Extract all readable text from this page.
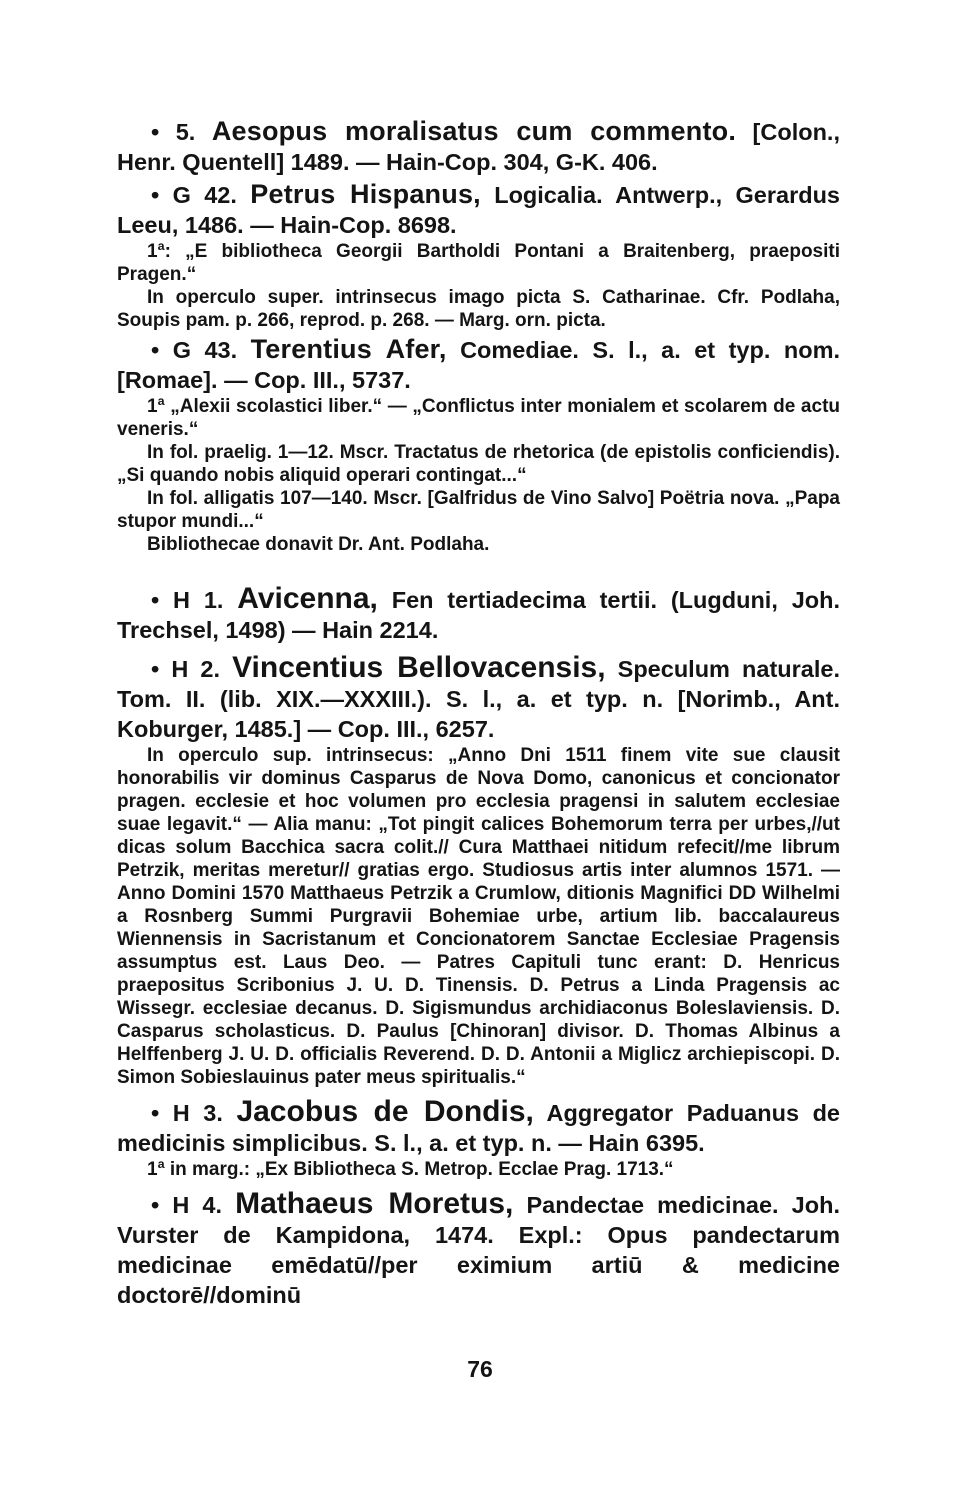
• 5. Aesopus moralisatus cum commento. [Colon., Henr. Quentell] 1489. — Hain-Cop. 304, G-K. 406.

• G 42. Petrus Hispanus, Logicalia. Antwerp., Gerardus Leeu, 1486. — Hain-Cop. 8698.

1ª: „E bibliotheca Georgii Bartholdi Pontani a Braitenberg, praepositi Pragen.“

In operculo super. intrinsecus imago picta S. Catharinae. Cfr. Podlaha, Soupis pam. p. 266, reprod. p. 268. — Marg. orn. picta.

• G 43. Terentius Afer, Comediae. S. l., a. et typ. nom. [Romae]. — Cop. III., 5737.

1ª „Alexii scolastici liber.“ — „Conflictus inter monialem et scolarem de actu veneris.“

In fol. praelig. 1—12. Mscr. Tractatus de rhetorica (de epistolis conficiendis). „Si quando nobis aliquid operari contingat...“

In fol. alligatis 107—140. Mscr. [Galfridus de Vino Salvo] Poëtria nova. „Papa stupor mundi...“

Bibliothecae donavit Dr. Ant. Podlaha.

• H 1. Avicenna, Fen tertiadecima tertii. (Lugduni, Joh. Trechsel, 1498) — Hain 2214.

• H 2. Vincentius Bellovacensis, Speculum naturale. Tom. II. (lib. XIX.—XXXIII.). S. l., a. et typ. n. [Norimb., Ant. Koburger, 1485.] — Cop. III., 6257.

In operculo sup. intrinsecus: „Anno Dni 1511 finem vite sue clausit honorabilis vir dominus Casparus de Nova Domo, canonicus et concionator pragen. ecclesie et hoc volumen pro ecclesia pragensi in salutem ecclesiae suae legavit.“ — Alia manu: „Tot pingit calices Bohemorum terra per urbes,//ut dicas solum Bacchica sacra colit.// Cura Matthaei nitidum refecit//me librum Petrzik, meritas meretur// gratias ergo. Studiosus artis inter alumnos 1571. — Anno Domini 1570 Matthaeus Petrzik a Crumlow, ditionis Magnifici DD Wilhelmi a Rosnberg Summi Purgravii Bohemiae urbe, artium lib. baccalaureus Wiennensis in Sacristanum et Concionatorem Sanctae Ecclesiae Pragensis assumptus est. Laus Deo. — Patres Capituli tunc erant: D. Henricus praepositus Scribonius J. U. D. Tinensis. D. Petrus a Linda Pragensis ac Wissegr. ecclesiae decanus. D. Sigismundus archidiaconus Boleslaviensis. D. Casparus scholasticus. D. Paulus [Chinoran] divisor. D. Thomas Albinus a Helffenberg J. U. D. officialis Reverend. D. D. Antonii a Miglicz archiepiscopi. D. Simon Sobieslauinus pater meus spiritualis.“

• H 3. Jacobus de Dondis, Aggregator Paduanus de medicinis simplicibus. S. l., a. et typ. n. — Hain 6395.

1ª in marg.: „Ex Bibliotheca S. Metrop. Ecclae Prag. 1713.“

• H 4. Mathaeus Moretus, Pandectae medicinae. Joh. Vurster de Kampidona, 1474. Expl.: Opus pandectarum medicinae emēdatū//per eximium artiū & medicine doctorē//dominū

76
